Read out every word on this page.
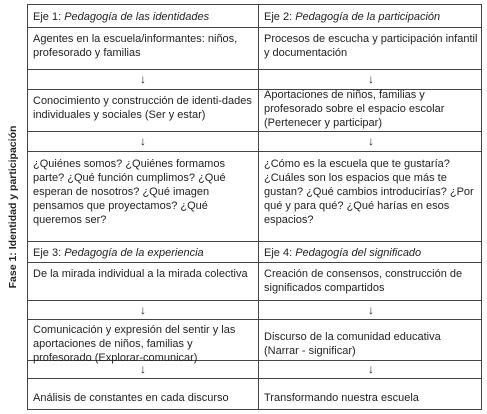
Fase 1: Identidad y participación
Eje 1: Pedagogía de las identidades
Agentes en la escuela/informantes: niños, profesorado y familias
↓
Conocimiento y construcción de identi-dades individuales y sociales (Ser y estar)
↓
¿Quiénes somos? ¿Quiénes formamos parte? ¿Qué función cumplimos? ¿Qué esperan de nosotros? ¿Qué imagen pensamos que proyectamos? ¿Qué queremos ser?
Eje 2: Pedagogía de la participación
Procesos de escucha y participación infantil y documentación
↓
Aportaciones de niños, familias y profesorado sobre el espacio escolar (Pertenecer y participar)
↓
¿Cómo es la escuela que te gustaría? ¿Cuáles son los espacios que más te gustan? ¿Qué cambios introducirías? ¿Por qué y para qué? ¿Qué harías en esos espacios?
Eje 3: Pedagogía de la experiencia
De la mirada individual a la mirada colectiva
↓
Comunicación y expresión del sentir y las aportaciones de niños, familias y profesorado (Explorar-comunicar)
↓
Análisis de constantes en cada discurso
Eje 4: Pedagogía del significado
Creación de consensos, construcción de significados compartidos
↓
Discurso de la comunidad educativa (Narrar - significar)
↓
Transformando nuestra escuela
